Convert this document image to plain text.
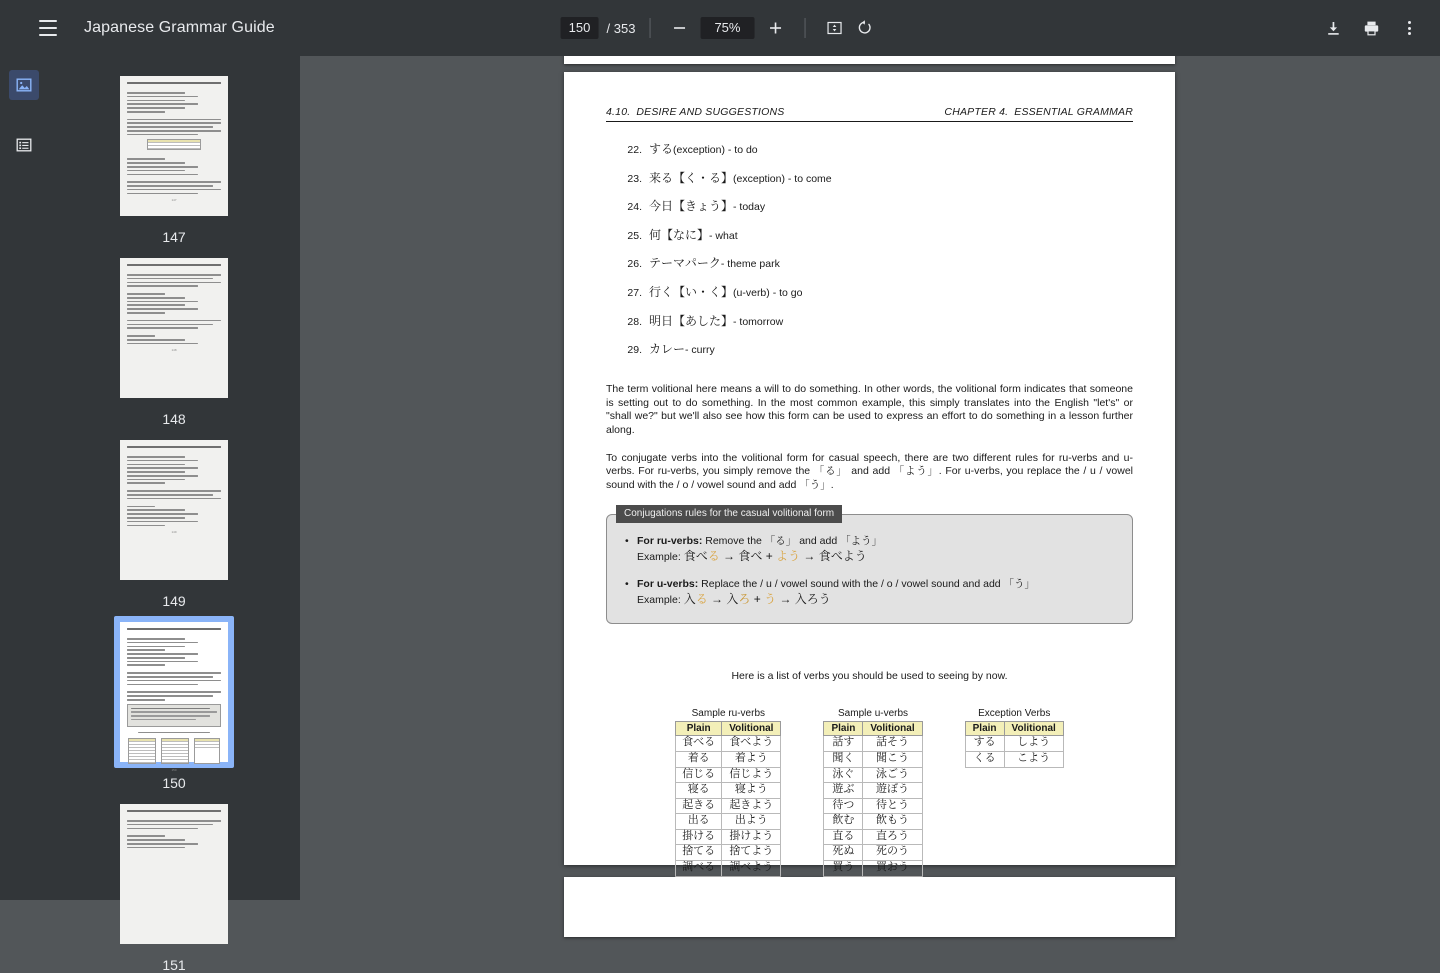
Japanese Grammar Guide
150	/ 353	75%
147
147
148
148
149
149
150
150
151
4.10. DESIRE AND SUGGESTIONS	CHAPTER 4. ESSENTIAL GRAMMAR
22. する (exception) - to do
23. 来る【く・る】 (exception) - to come
24. 今日【きょう】 - today
25. 何【なに】 - what
26. テーマパーク - theme park
27. 行く【い・く】 (u-verb) - to go
28. 明日【あした】 - tomorrow
29. カレー - curry

The term volitional here means a will to do something. In other words, the volitional form indicates that someone is setting out to do something. In the most common example, this simply translates into the English "let's" or "shall we?" but we'll also see how this form can be used to express an effort to do something in a lesson further along.

To conjugate verbs into the volitional form for casual speech, there are two different rules for ru-verbs and u-verbs. For ru-verbs, you simply remove the 「る」 and add 「よう」. For u-verbs, you replace the / u / vowel sound with the / o / vowel sound and add 「う」.

Conjugations rules for the casual volitional form
• For ru-verbs: Remove the 「る」 and add 「よう」
Example: 食べる → 食べ + よう → 食べよう
• For u-verbs: Replace the / u / vowel sound with the / o / vowel sound and add 「う」
Example: 入る → 入ろ + う → 入ろう
Here is a list of verbs you should be used to seeing by now.
Sample ru-verbs
Plain	Volitional
食べる	食べよう
着る	着よう
信じる	信じよう
寝る	寝よう
起きる	起きよう
出る	出よう
掛ける	掛けよう
捨てる	捨てよう
調べる	調べよう
Sample u-verbs
Plain	Volitional
話す	話そう
聞く	聞こう
泳ぐ	泳ごう
遊ぶ	遊ぼう
待つ	待とう
飲む	飲もう
直る	直ろう
死ぬ	死のう
買う	買おう
Exception Verbs
Plain	Volitional
する	しよう
くる	こよう
